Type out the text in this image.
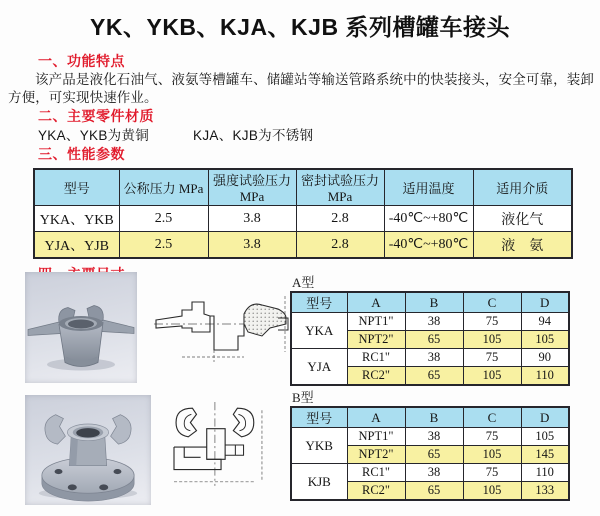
YK、YKB、KJA、KJB 系列槽罐车接头
一、功能特点

该产品是液化石油气、液氨等槽罐车、储罐站等输送管路系统中的快装接头，安全可靠，装卸方便，可实现快速作业。

二、主要零件材质
YKA、YKB为黄铜	KJA、KJB为不锈钢
三、性能参数
型号	公称压力 MPa	强度试验压力MPa	密封试验压力MPa	适用温度	适用介质
YKA、YKB	2.5	3.8	2.8	-40℃~+80℃	液化气
YJA、YJB	2.5	3.8	2.8	-40℃~+80℃	液　氨
A型
型号	A	B	C	D
YKA	NPT1"	38	75	94
	NPT2"	65	105	105
YJA	RC1"	38	75	90
	RC2"	65	105	110
B型
型号	A	B	C	D
YKB	NPT1"	38	75	105
	NPT2"	65	105	145
KJB	RC1"	38	75	110
	RC2"	65	105	133
